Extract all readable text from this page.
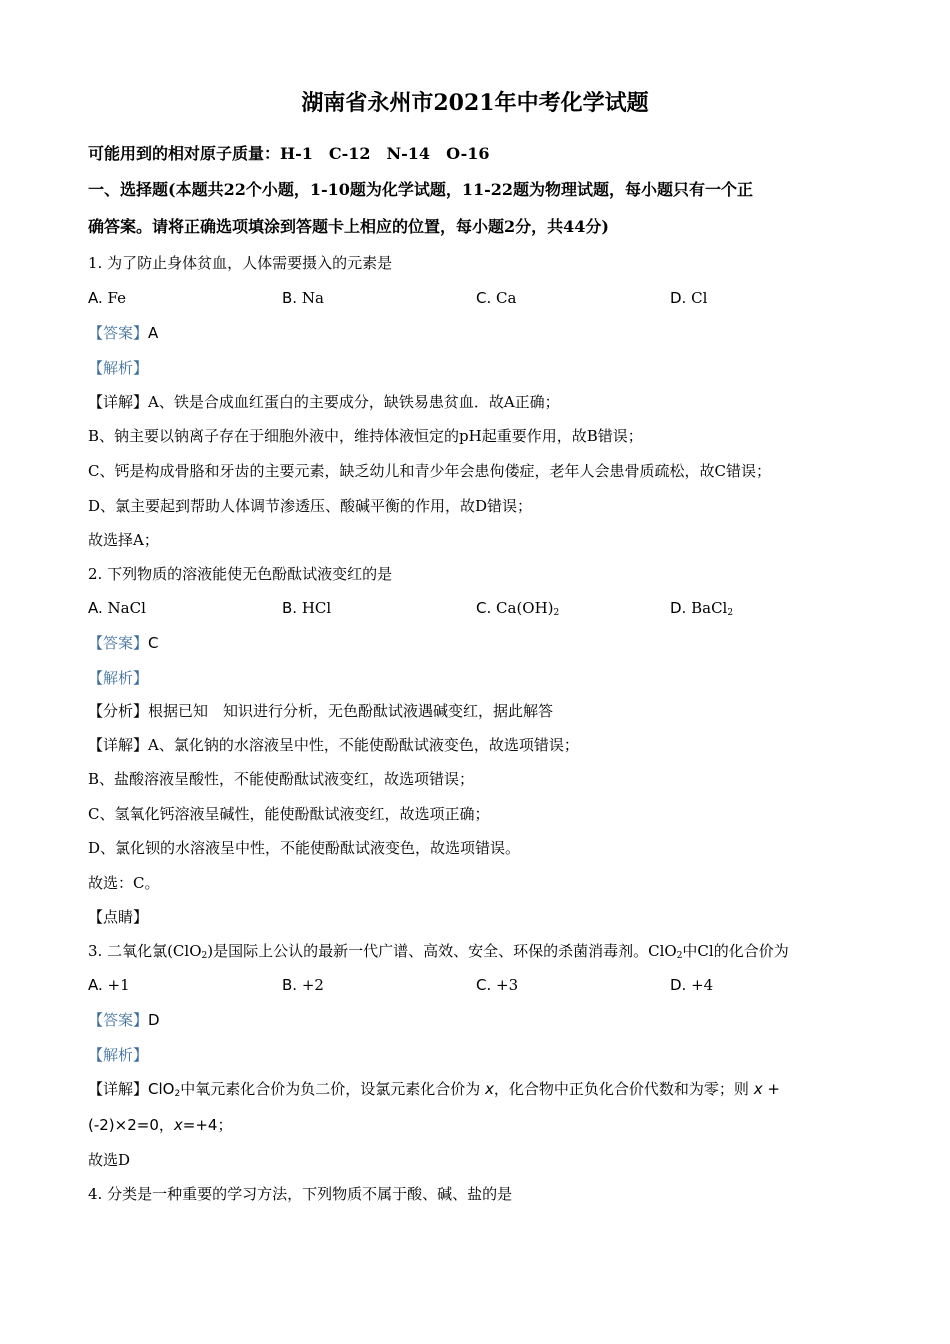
湖南省永州市2021年中考化学试题
可能用到的相对原子质量：H-1　C-12　N-14　O-16
一、选择题(本题共22个小题，1-10题为化学试题，11-22题为物理试题，每小题只有一个正
确答案。请将正确选项填涂到答题卡上相应的位置，每小题2分，共44分)
1. 为了防止身体贫血，人体需要摄入的元素是
A. Fe	B. Na	C. Ca	D. Cl
【答案】A
【解析】
【详解】A、铁是合成血红蛋白的主要成分，缺铁易患贫血．故A正确；
B、钠主要以钠离子存在于细胞外液中，维持体液恒定的pH起重要作用，故B错误；
C、钙是构成骨胳和牙齿的主要元素，缺乏幼儿和青少年会患佝偻症，老年人会患骨质疏松，故C错误；
D、氯主要起到帮助人体调节渗透压、酸碱平衡的作用，故D错误；
故选择A；
2. 下列物质的溶液能使无色酚酞试液变红的是
A. NaCl	B. HCl	C. $Ca(OH)_2$	D. BaCl$_2$
【答案】C
【解析】
【分析】根据已知　知识进行分析，无色酚酞试液遇碱变红，据此解答
【详解】A、氯化钠的水溶液呈中性，不能使酚酞试液变色，故选项错误；
B、盐酸溶液呈酸性，不能使酚酞试液变红，故选项错误；
C、氢氧化钙溶液呈碱性，能使酚酞试液变红，故选项正确；
D、氯化钡的水溶液呈中性，不能使酚酞试液变色，故选项错误。
故选：C。
【点睛】
3. 二氧化氯(ClO$_2$)是国际上公认的最新一代广谱、高效、安全、环保的杀菌消毒剂。ClO$_2$中Cl的化合价为
A. +1	B. +2	C. +3	D. +4
【答案】D
【解析】
【详解】ClO$_2$中氧元素化合价为负二价，设氯元素化合价为 x，化合物中正负化合价代数和为零；则 x +
(-2)×2=0，x=+4；
故选D
4. 分类是一种重要的学习方法，下列物质不属于酸、碱、盐的是
